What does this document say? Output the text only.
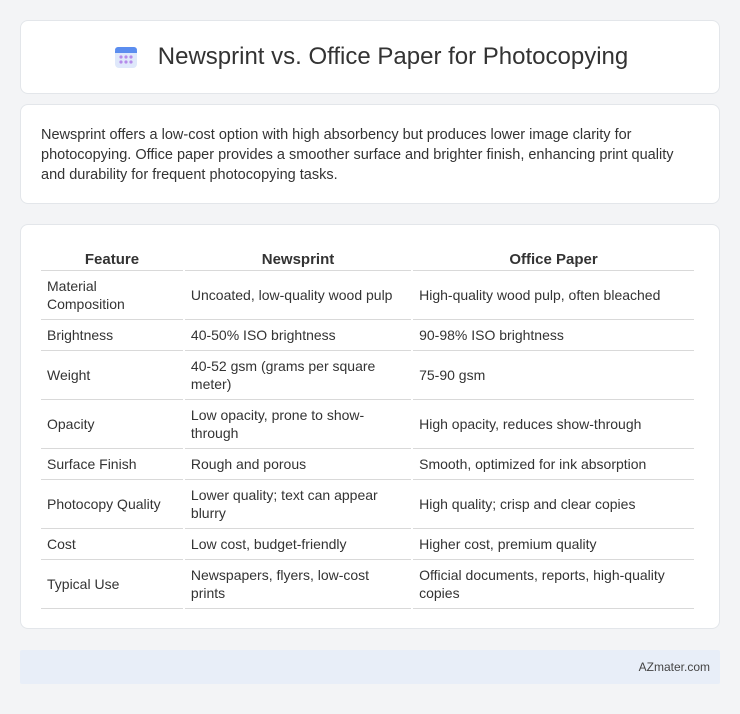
Newsprint vs. Office Paper for Photocopying

Newsprint offers a low-cost option with high absorbency but produces lower image clarity for photocopying. Office paper provides a smoother surface and brighter finish, enhancing print quality and durability for frequent photocopying tasks.

Feature	Newsprint	Office Paper
Material Composition	Uncoated, low-quality wood pulp	High-quality wood pulp, often bleached
Brightness	40-50% ISO brightness	90-98% ISO brightness
Weight	40-52 gsm (grams per square meter)	75-90 gsm
Opacity	Low opacity, prone to show-through	High opacity, reduces show-through
Surface Finish	Rough and porous	Smooth, optimized for ink absorption
Photocopy Quality	Lower quality; text can appear blurry	High quality; crisp and clear copies
Cost	Low cost, budget-friendly	Higher cost, premium quality
Typical Use	Newspapers, flyers, low-cost prints	Official documents, reports, high-quality copies
AZmater.com
